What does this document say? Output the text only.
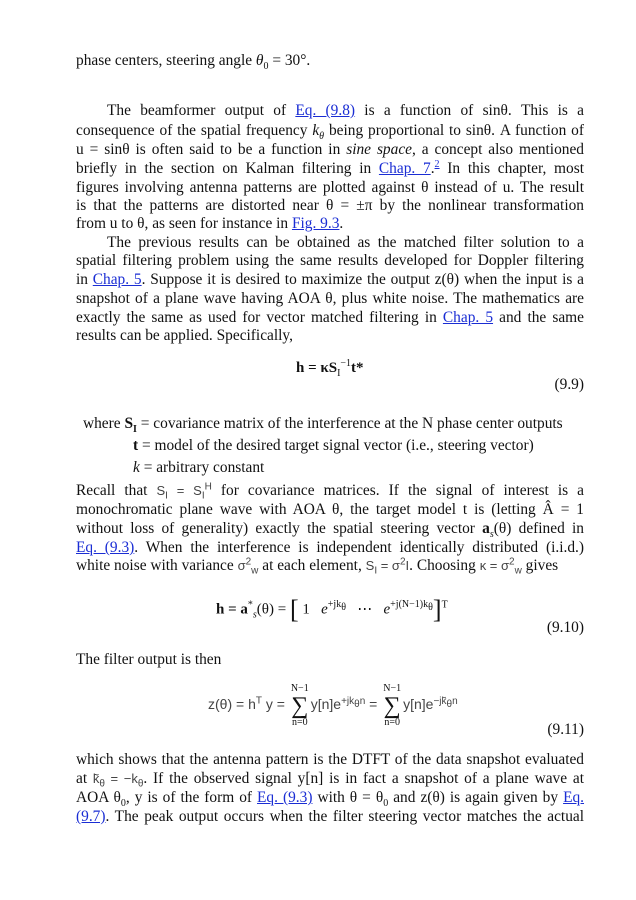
phase centers, steering angle $\theta_0 = 30^\circ$.
The beamformer output of Eq. (9.8) is a function of sinθ. This is a
consequence of the spatial frequency $k_\theta$ being proportional to sinθ. A function of
u = sinθ is often said to be a function in sine space, a concept also mentioned
briefly in the section on Kalman filtering in Chap. 7.$^2$ In this chapter, most
figures involving antenna patterns are plotted against θ instead of u. The result
is that the patterns are distorted near θ = ±π by the nonlinear transformation
from u to θ, as seen for instance in Fig. 9.3.
The previous results can be obtained as the matched filter solution to a
spatial filtering problem using the same results developed for Doppler filtering
in Chap. 5. Suppose it is desired to maximize the output z(θ) when the input is a
snapshot of a plane wave having AOA θ, plus white noise. The mathematics are
exactly the same as used for vector matched filtering in Chap. 5 and the same
results can be applied. Specifically,
$h = \kappa S_I^{-1}t*$
(9.9)
where $S_I$ = covariance matrix of the interference at the N phase center outputs
t = model of the desired target signal vector (i.e., steering vector)
k = arbitrary constant
Recall that $S_I = S_I^H$ for covariance matrices. If the signal of interest is a
monochromatic plane wave with AOA θ, the target model t is (letting Â = 1
without loss of generality) exactly the spatial steering vector $a_s(\theta)$ defined in
Eq. (9.3). When the interference is independent identically distributed (i.i.d.)
white noise with variance $\sigma^2_w$ at each element, $S_I = \sigma^2I$. Choosing $\kappa = \sigma^2_w$ gives
$h = a^*_s(\theta)$ = [ 1 $e^{+jk_\theta}$ ⋯ $e^{+j(N-1)k_\theta}]^T$
(9.10)
The filter output is then
$z(\theta) = h^T$ y = N−1
∑
$n=0y[n]e^{+jk_\theta n} = N-1$
∑
$n=0y[n]e^{-jk̃_\theta n}$
(9.11)
which shows that the antenna pattern is the DTFT of the data snapshot evaluated
at $k̃_\theta = -k_\theta$. If the observed signal y[n] is in fact a snapshot of a plane wave at
AOA $\theta_0$, y is of the form of Eq. (9.3) with $\theta = \theta_0$ and z(θ) is again given by Eq.
(9.7). The peak output occurs when the filter steering vector matches the actual
